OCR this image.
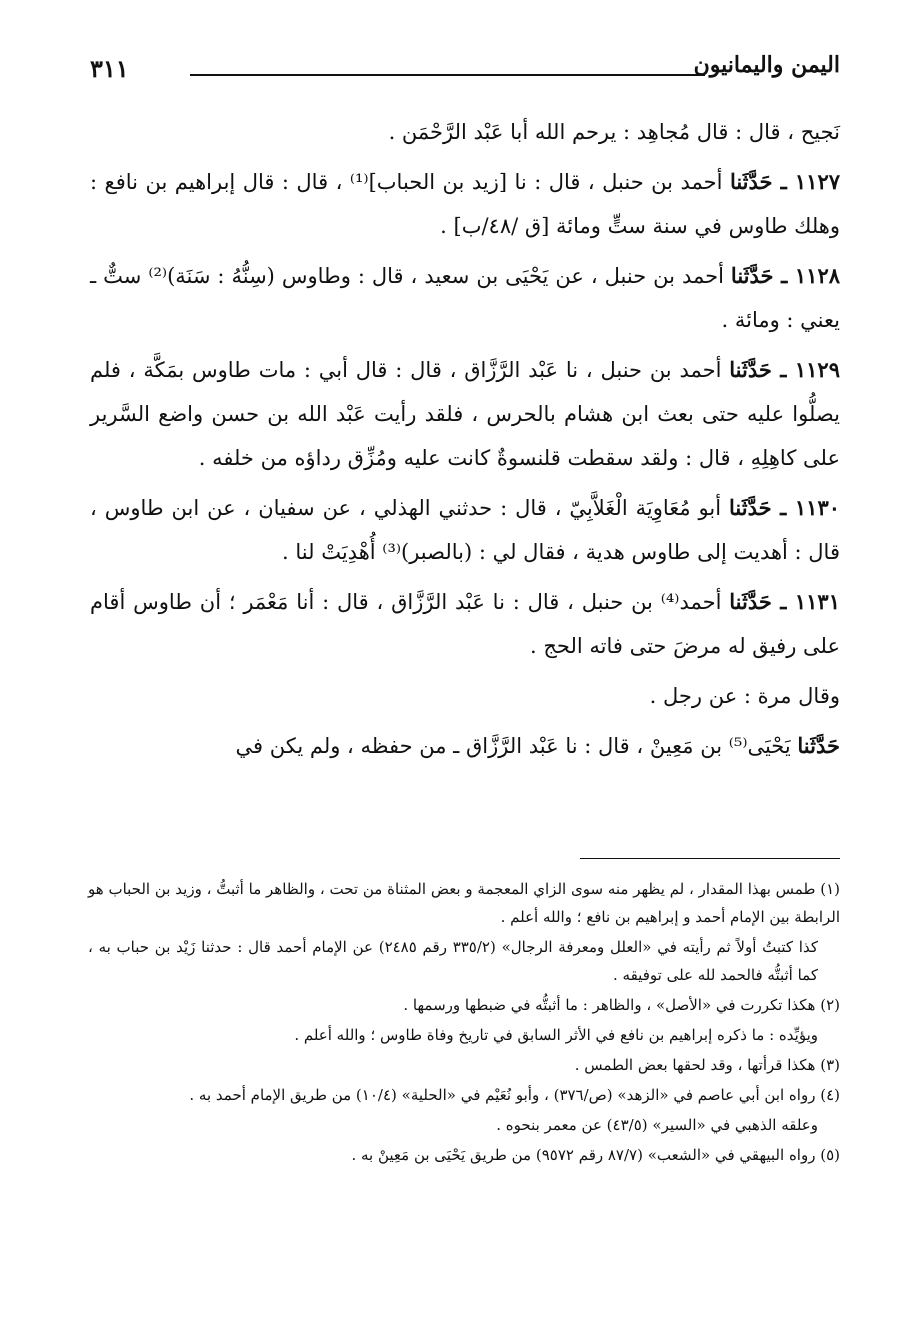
٣١١	اليمن واليمانيون

نَجيح ، قال : قال مُجاهِد : يرحم الله أبا عَبْد الرَّحْمَن .

١١٢٧ ـ حَدَّثَنا أحمد بن حنبل ، قال : نا [زيد بن الحباب]⁽¹⁾ ، قال : قال إبراهيم بن نافع : وهلك طاوس في سنة ستٍّ ومائة [ق /٤٨/ب] .

١١٢٨ ـ حَدَّثَنا أحمد بن حنبل ، عن يَحْيَى بن سعيد ، قال : وطاوس (سِنُّهُ : سَنَة)⁽²⁾ ستٌّ ـ يعني : ومائة .

١١٢٩ ـ حَدَّثَنا أحمد بن حنبل ، نا عَبْد الرَّزَّاق ، قال : قال أبي : مات طاوس بمَكَّة ، فلم يصلُّوا عليه حتى بعث ابن هشام بالحرس ، فلقد رأيت عَبْد الله بن حسن واضع السَّرير على كاهِلِهِ ، قال : ولقد سقطت قلنسوةٌ كانت عليه ومُزِّق رداؤه من خلفه .

١١٣٠ ـ حَدَّثَنا أبو مُعَاوِيَة الْغَلاَّبِيّ ، قال : حدثني الهذلي ، عن سفيان ، عن ابن طاوس ، قال : أهديت إلى طاوس هدية ، فقال لي : (بالصبر)⁽³⁾ أُهْدِيَتْ لنا .

١١٣١ ـ حَدَّثَنا أحمد⁽⁴⁾ بن حنبل ، قال : نا عَبْد الرَّزَّاق ، قال : أنا مَعْمَر ؛ أن طاوس أقام على رفيق له مرضَ حتى فاته الحج .

وقال مرة : عن رجل .

حَدَّثَنا يَحْيَى⁽⁵⁾ بن مَعِينْ ، قال : نا عَبْد الرَّزَّاق ـ من حفظه ، ولم يكن في

(١) طمس بهذا المقدار ، لم يظهر منه سوى الزاي المعجمة و بعض المثناة من تحت ، والظاهر ما أثبتُّ ، وزيد بن الحباب هو الرابطة بين الإمام أحمد و إبراهيم بن نافع ؛ والله أعلم .

كذا كتبتُ أولاً ثم رأيته في «العلل ومعرفة الرجال» (٣٣٥/٢ رقم ٢٤٨٥) عن الإمام أحمد قال : حدثنا زَيْد بن حباب به ، كما أثبتُّه فالحمد لله على توفيقه .

(٢) هكذا تكررت في «الأصل» ، والظاهر : ما أثبتُّه في ضبطها ورسمها .

ويؤيِّده : ما ذكره إبراهيم بن نافع في الأثر السابق في تاريخ وفاة طاوس ؛ والله أعلم .

(٣) هكذا قرأتها ، وقد لحقها بعض الطمس .

(٤) رواه ابن أبي عاصم في «الزهد» (ص/٣٧٦) ، وأبو نُعَيْم في «الحلية» (١٠/٤) من طريق الإمام أحمد به .

وعلقه الذهبي في «السير» (٤٣/٥) عن معمر بنحوه .

(٥) رواه البيهقي في «الشعب» (٨٧/٧ رقم ٩٥٧٢) من طريق يَحْيَى بن مَعِينْ به .
